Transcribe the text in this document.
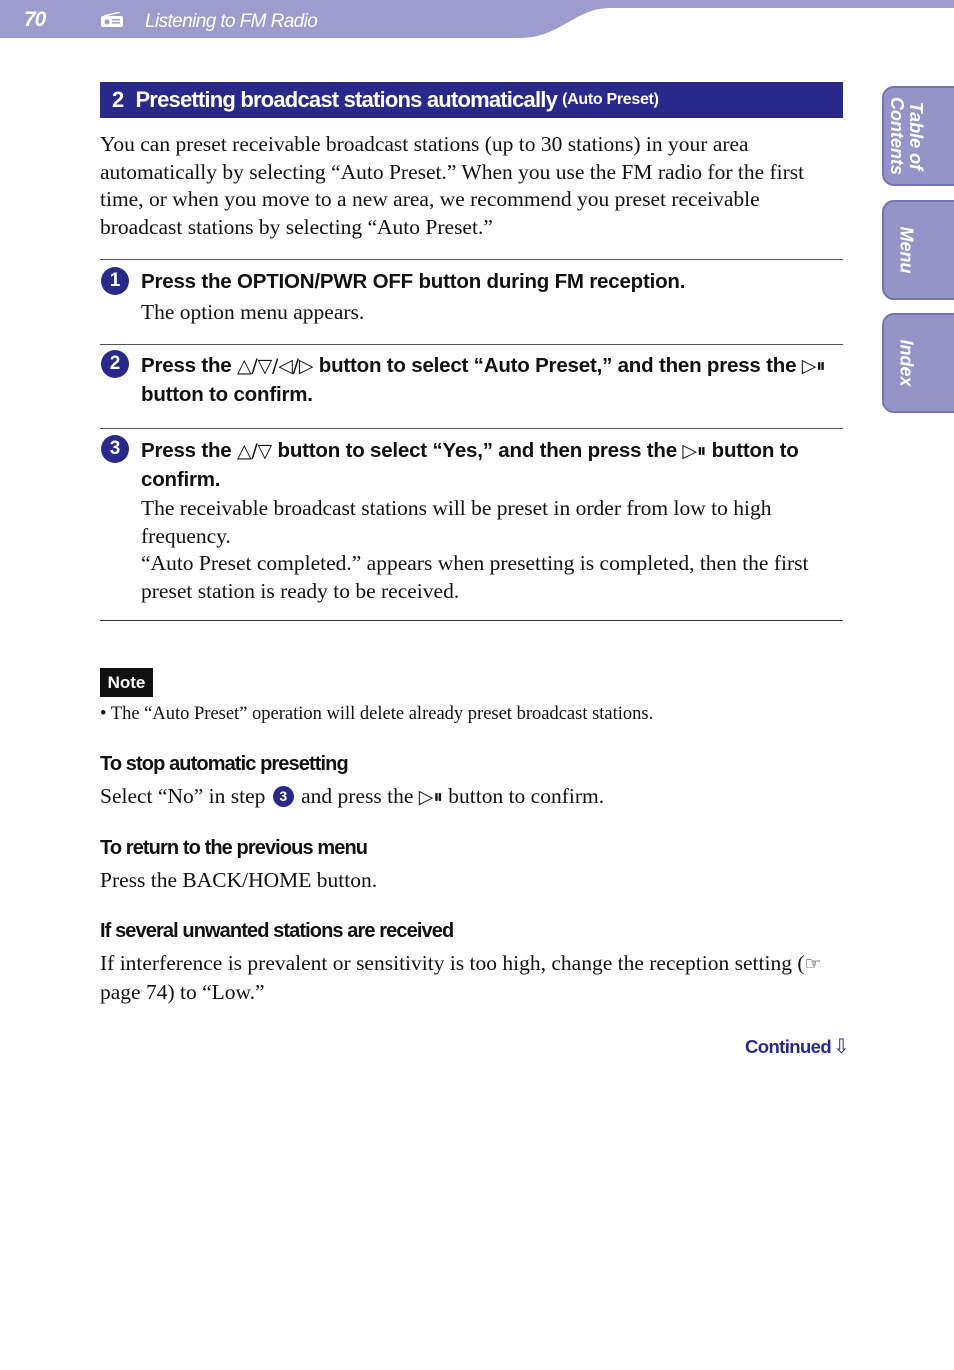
70	Listening to FM Radio
Table of Contents
Menu
Index
2 Presetting broadcast stations automatically (Auto Preset)

You can preset receivable broadcast stations (up to 30 stations) in your area automatically by selecting “Auto Preset.” When you use the FM radio for the first time, or when you move to a new area, we recommend you preset receivable broadcast stations by selecting “Auto Preset.”

1	Press the OPTION/PWR OFF button during FM reception.

The option menu appears.

2	Press the △/▽/◁/▷ button to select “Auto Preset,” and then press the ▷⏸ button to confirm.

3	Press the △/▽ button to select “Yes,” and then press the ▷⏸ button to confirm.

The receivable broadcast stations will be preset in order from low to high frequency.

“Auto Preset completed.” appears when presetting is completed, then the first preset station is ready to be received.

Note

• The “Auto Preset” operation will delete already preset broadcast stations.

To stop automatic presetting

Select “No” in step 3 and press the ▷⏸ button to confirm.

To return to the previous menu

Press the BACK/HOME button.

If several unwanted stations are received

If interference is prevalent or sensitivity is too high, change the reception setting (☞ page 74) to “Low.”

Continued ⇩
